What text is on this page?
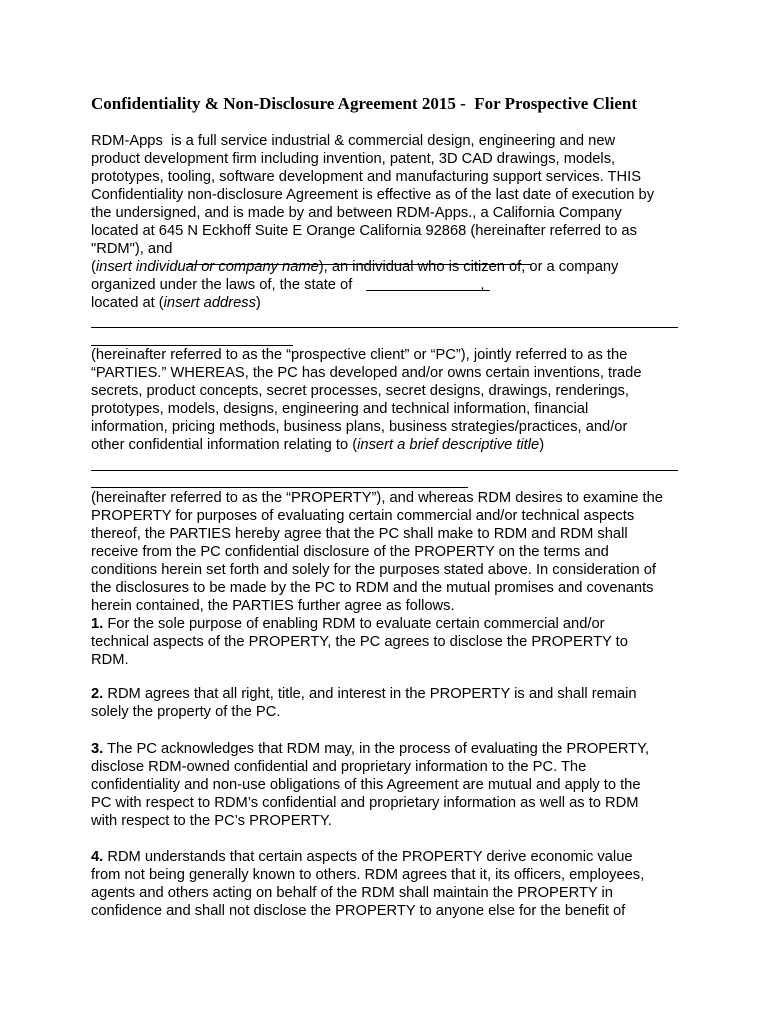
Confidentiality & Non-Disclosure Agreement 2015 -  For Prospective Client
RDM-Apps  is a full service industrial & commercial design, engineering and new
product development firm including invention, patent, 3D CAD drawings, models,
prototypes, tooling, software development and manufacturing support services. THIS
Confidentiality non-disclosure Agreement is effective as of the last date of execution by
the undersigned, and is made by and between RDM-Apps., a California Company
located at 645 N Eckhoff Suite E Orange California 92868 (hereinafter referred to as
"RDM"), and
(insert individual or company name), an individual who is citizen of, or a company
organized under the laws of, the state of	,
located at (insert address)
(hereinafter referred to as the “prospective client” or “PC”), jointly referred to as the
“PARTIES.” WHEREAS, the PC has developed and/or owns certain inventions, trade
secrets, product concepts, secret processes, secret designs, drawings, renderings,
prototypes, models, designs, engineering and technical information, financial
information, pricing methods, business plans, business strategies/practices, and/or
other confidential information relating to (insert a brief descriptive title)
(hereinafter referred to as the “PROPERTY”), and whereas RDM desires to examine the
PROPERTY for purposes of evaluating certain commercial and/or technical aspects
thereof, the PARTIES hereby agree that the PC shall make to RDM and RDM shall
receive from the PC confidential disclosure of the PROPERTY on the terms and
conditions herein set forth and solely for the purposes stated above. In consideration of
the disclosures to be made by the PC to RDM and the mutual promises and covenants
herein contained, the PARTIES further agree as follows.
1. For the sole purpose of enabling RDM to evaluate certain commercial and/or
technical aspects of the PROPERTY, the PC agrees to disclose the PROPERTY to
RDM.
2. RDM agrees that all right, title, and interest in the PROPERTY is and shall remain
solely the property of the PC.
3. The PC acknowledges that RDM may, in the process of evaluating the PROPERTY,
disclose RDM-owned confidential and proprietary information to the PC. The
confidentiality and non-use obligations of this Agreement are mutual and apply to the
PC with respect to RDM’s confidential and proprietary information as well as to RDM
with respect to the PC’s PROPERTY.
4. RDM understands that certain aspects of the PROPERTY derive economic value
from not being generally known to others. RDM agrees that it, its officers, employees,
agents and others acting on behalf of the RDM shall maintain the PROPERTY in
confidence and shall not disclose the PROPERTY to anyone else for the benefit of
